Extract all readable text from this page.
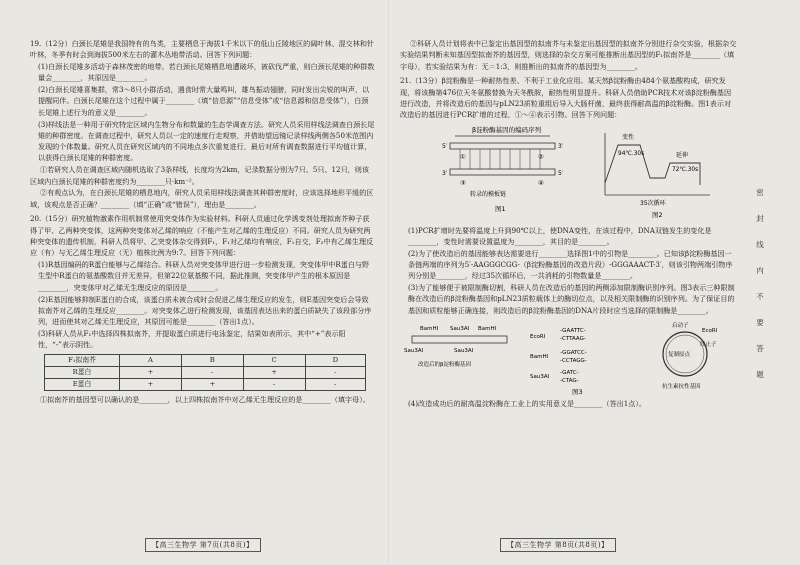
19.（12分）白颈长尾雉是我国特有的鸟类，主要栖息于海拔1千米以下的低山丘陵地区的阔叶林、混交林和针叶林，冬季有时会到海拔500米左右的灌木丛地带活动。回答下列问题：

(1)白颈长尾雉多活动于森林茂密的地带。若白颈长尾雉栖息地遭破坏，被砍伐严重，则白颈长尾雉的种群数量会________，其原因是________。

(2)白颈长尾雉喜集群，常3～8只小群活动，遇食时常大量鸣叫，雄鸟振动翅膀，同时发出尖锐的叫声，以提醒同伴。白颈长尾雉在这个过程中属于________（填“信息源”“信息受体”或“信息源和信息受体”），白颈长尾雉上述行为的意义是________。

(3)样线法是一种用于研究特定区域内生物分布和数量的生态学调查方法。研究人员采用样线法调查白颈长尾雉的种群密度。在调查过程中，研究人员以一定的速度行走观察，并借助望远镜记录样线两侧各50米范围内发现的个体数量。研究人员在研究区域内的不同地点多次重复进行，最后对所有调查数据进行平均值计算，以获得白颈长尾雉的种群密度。

①若研究人员在调查区域内随机选取了3条样线，长度均为2km，记录数据分别为7只、5只、12只，则该区域内白颈长尾雉的种群密度约为________只·km⁻²。

②有观点认为，在白颈长尾雉的栖息地内，研究人员采用样线法调查其种群密度时，应该选择地形平缓的区域，该观点是否正确？________（填“正确”或“错误”），理由是________。

20.（15分）研究植物激素作用机制常使用突变体作为实验材料。科研人员通过化学诱变剂处理拟南芥种子获得了甲、乙两种突变体，这两种突变体对乙烯的响应（不能产生对乙烯的生理反应）不同。研究人员为研究两种突变体的遗传机制，科研人员将甲、乙突变体杂交得到F₁，F₁对乙烯均有响应，F₁自交，F₂中有乙烯生理反应（有）与无乙烯生理反应（无）植株比例为9:7。回答下列问题：

(1)R基因编码的R蛋白能够与乙烯结合。科研人员对突变体甲进行进一步检测发现，突变体甲中R蛋白与野生型中R蛋白的氨基酸数目并无差异，但第22位氨基酸不同，据此推测，突变体甲产生的根本原因是________，突变体甲对乙烯无生理反应的原因是________。

(2)E基因能够抑制E蛋白的合成，该蛋白质未被合成时会促进乙烯生理反应的发生，则E基因突变后会导致拟南芥对乙烯的生理反应________。对突变体乙进行检测发现，该基因表达出来的蛋白质缺失了该段部分序列，进而使其对乙烯无生理反应，其原因可能是________（答出1点）。

(3)科研人员从F₁中选择四株拟南芥，并提取蛋白质进行电泳鉴定，结果如表所示，其中“+”表示阳性，“-”表示阴性。

F₁拟南芥	A	B	C	D
R蛋白	+	-	+	-
E蛋白	+	+	-	-

①拟南芥的基因型可以确认的是________，以上四株拟南芥中对乙烯无生理反应的是________（填字母）。

②科研人员计划将表中已鉴定出基因型的拟南芥与未鉴定出基因型的拟南芥分别进行杂交实验，根据杂交实验结果判断未知基因型拟南芥的基因型，则选择的杂交方案可能推断出基因型的F₁拟南芥是________（填字母），若实验结果为有：无＝1:3，则推断出的拟南芥的基因型为________。

21.（13分）β淀粉酶是一种耐热性差、不利于工业化应用。某天然β淀粉酶由484个氨基酸构成，研究发现，将该酶第476位天冬氨酸替换为天冬酰胺，耐热性明显提升。科研人员借助PCR技术对该β淀粉酶基因进行改造，并将改造后的基因与pLN23质粒重组后导入大肠杆菌，最终获得耐高温的β淀粉酶。图1表示对改造后的基因进行PCR扩增的过程，①～④表示引物。回答下列问题：

β淀粉酶基因的编码序列
5′	3′
3′	5′
①	②
③	④
转录的模板链
图1
变性
94℃.30s	延伸
72℃.30s
35次循环
图2

(1)PCR扩增时先要将温度上升到90℃以上，使DNA变性，在该过程中，DNA双链发生的变化是________，变性时需要设置温度为________，其目的是________。

(2)为了使改造后的基因能够表达需要进行________选择图1中的引物是________。已知该β淀粉酶基因一条链两端的序列为5′-AAGGGCGG-（β淀粉酶基因的改造片段）-GGGAAACT-3′，则该引物两端引物序列分别是________，经过35次循环后，一共消耗的引物数量是________。

(3)为了能够便于被限制酶切割，科研人员在改造后的基因的两侧添加限制酶识别序列。图3表示三种限制酶在改造后的β淀粉酶基因和pLN23质粒载体上的酶切位点，以及相关限制酶的识别序列。为了保证目的基因和质粒能够正确连接，则改造后的β淀粉酶基因的DNA片段时应当选择的限制酶是________。

BamHⅠ Sau3AⅠ BamHⅠ
Sau3AⅠ	Sau3AⅠ
改造后的β淀粉酶基因
EcoRⅠ
-GAATTC-
-CTTAAG-
BamHⅠ
-GGATCC-
-CCTAGG-
Sau3AⅠ
-GATC-
-CTAG-
启动子
复制原点
终止子
抗生素抗性基因
EcoRⅠ
图3

(4)改造成功后的耐高温淀粉酶在工业上的实用意义是________（答出1点）。

【高三生物学 第7页(共8页)】	【高三生物学 第8页(共8页)】
密
封
线
内
不
要
答
题
